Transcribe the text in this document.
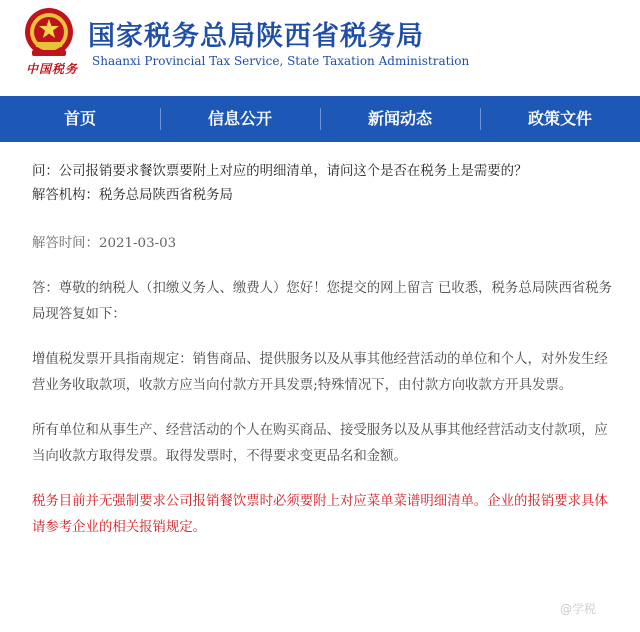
中国税务
国家税务总局陕西省税务局
Shaanxi Provincial Tax Service, State Taxation Administration
首页	信息公开	新闻动态	政策文件
问：公司报销要求餐饮票要附上对应的明细清单，请问这个是否在税务上是需要的？
解答机构：税务总局陕西省税务局
解答时间：2021-03-03
答：尊敬的纳税人（扣缴义务人、缴费人）您好！您提交的网上留言 已收悉，税务总局陕西省税务局现答复如下：
增值税发票开具指南规定：销售商品、提供服务以及从事其他经营活动的单位和个人，对外发生经营业务收取款项，收款方应当向付款方开具发票;特殊情况下，由付款方向收款方开具发票。
所有单位和从事生产、经营活动的个人在购买商品、接受服务以及从事其他经营活动支付款项，应当向收款方取得发票。取得发票时，不得要求变更品名和金额。
税务目前并无强制要求公司报销餐饮票时必须要附上对应菜单菜谱明细清单。企业的报销要求具体请参考企业的相关报销规定。
@学税
